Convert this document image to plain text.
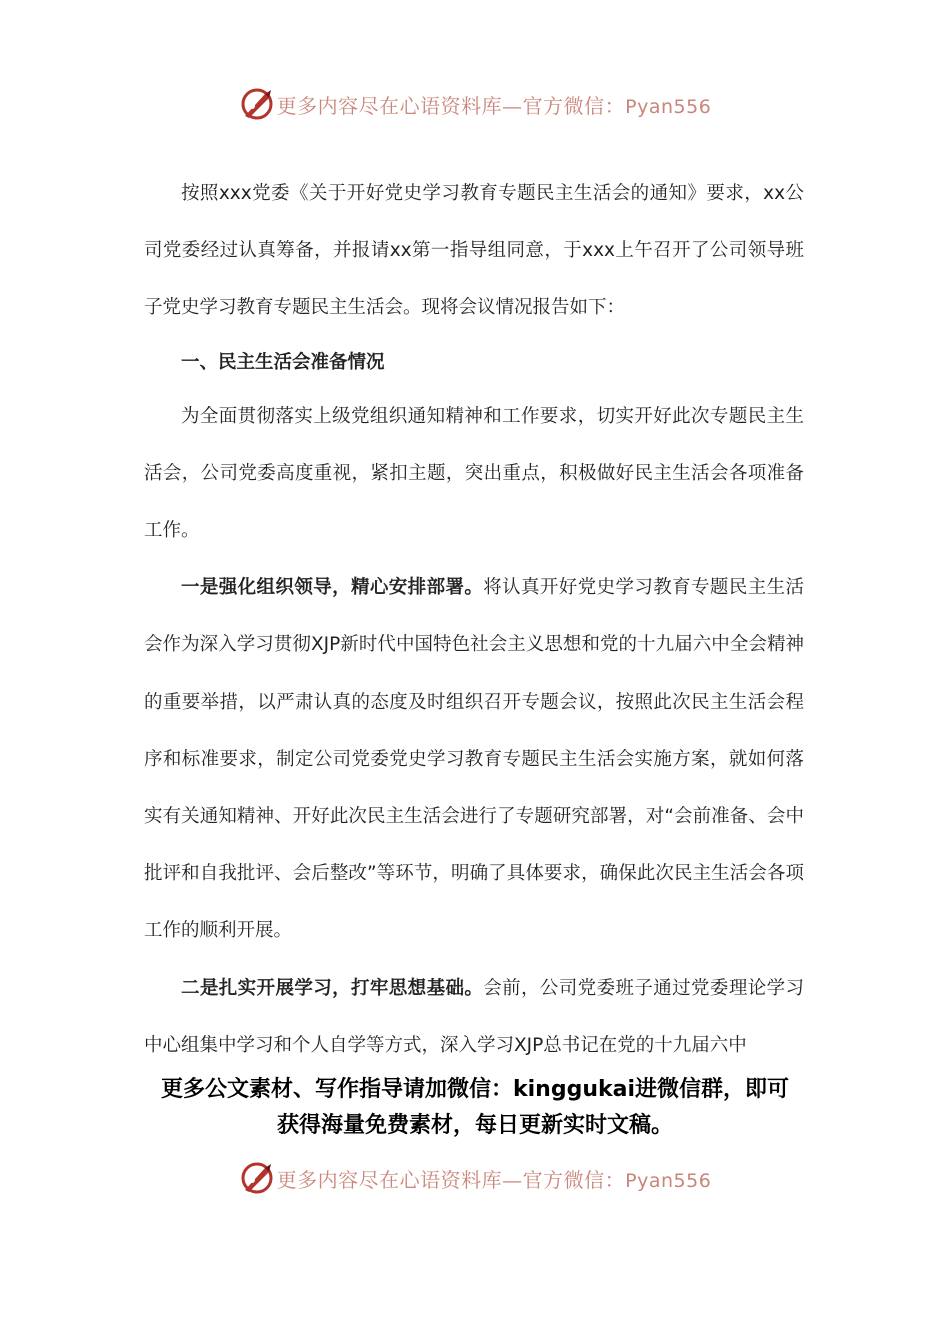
更多内容尽在心语资料库—官方微信：Pyan556

按照xxx党委《关于开好党史学习教育专题民主生活会的通知》要求，xx公司党委经过认真筹备，并报请xx第一指导组同意，于xxx上午召开了公司领导班子党史学习教育专题民主生活会。现将会议情况报告如下：

一、民主生活会准备情况

为全面贯彻落实上级党组织通知精神和工作要求，切实开好此次专题民主生活会，公司党委高度重视，紧扣主题，突出重点，积极做好民主生活会各项准备工作。

一是强化组织领导，精心安排部署。将认真开好党史学习教育专题民主生活会作为深入学习贯彻XJP新时代中国特色社会主义思想和党的十九届六中全会精神的重要举措，以严肃认真的态度及时组织召开专题会议，按照此次民主生活会程序和标准要求，制定公司党委党史学习教育专题民主生活会实施方案，就如何落实有关通知精神、开好此次民主生活会进行了专题研究部署，对“会前准备、会中批评和自我批评、会后整改”等环节，明确了具体要求，确保此次民主生活会各项工作的顺利开展。

二是扎实开展学习，打牢思想基础。会前，公司党委班子通过党委理论学习中心组集中学习和个人自学等方式，深入学习XJP总书记在党的十九届六中

更多公文素材、写作指导请加微信：kinggukai进微信群，即可
获得海量免费素材，每日更新实时文稿。
更多内容尽在心语资料库—官方微信：Pyan556
